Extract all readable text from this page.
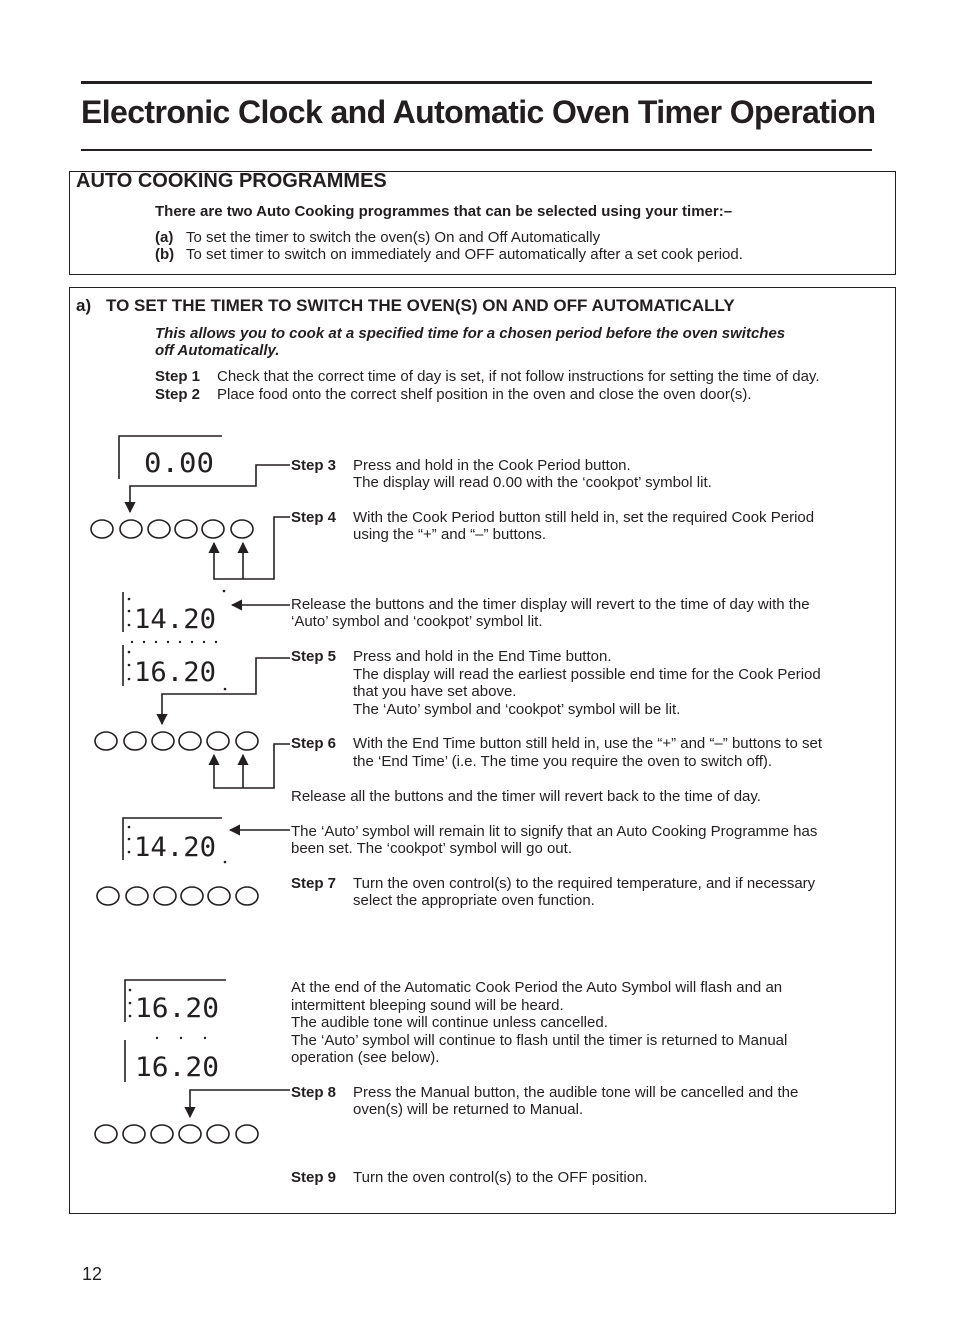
Electronic Clock and Automatic Oven Timer Operation
AUTO COOKING PROGRAMMES
There are two Auto Cooking programmes that can be selected using your timer:–
(a) To set the timer to switch the oven(s) On and Off Automatically
(b) To set timer to switch on immediately and OFF automatically after a set cook period.
a) TO SET THE TIMER TO SWITCH THE OVEN(S) ON AND OFF AUTOMATICALLY
This allows you to cook at a specified time for a chosen period before the oven switches
off Automatically.
Step 1 Check that the correct time of day is set, if not follow instructions for setting the time of day.
Step 2 Place food onto the correct shelf position in the oven and close the oven door(s).
Step 3 Press and hold in the Cook Period button.
The display will read 0.00 with the ‘cookpot’ symbol lit.
Step 4 With the Cook Period button still held in, set the required Cook Period
using the “+” and “–” buttons.
Release the buttons and the timer display will revert to the time of day with the
‘Auto’ symbol and ‘cookpot’ symbol lit.
Step 5 Press and hold in the End Time button.
The display will read the earliest possible end time for the Cook Period
that you have set above.
The ‘Auto’ symbol and ‘cookpot’ symbol will be lit.
Step 6 With the End Time button still held in, use the “+” and “–” buttons to set
the ‘End Time’ (i.e. The time you require the oven to switch off).
Release all the buttons and the timer will revert back to the time of day.
The ‘Auto’ symbol will remain lit to signify that an Auto Cooking Programme has
been set. The ‘cookpot’ symbol will go out.
Step 7 Turn the oven control(s) to the required temperature, and if necessary
select the appropriate oven function.
At the end of the Automatic Cook Period the Auto Symbol will flash and an
intermittent bleeping sound will be heard.
The audible tone will continue unless cancelled.
The ‘Auto’ symbol will continue to flash until the timer is returned to Manual
operation (see below).
Step 8 Press the Manual button, the audible tone will be cancelled and the
oven(s) will be returned to Manual.
Step 9 Turn the oven control(s) to the OFF position.
0.00
14.20
16.20
14.20
16.20
16.20
12
